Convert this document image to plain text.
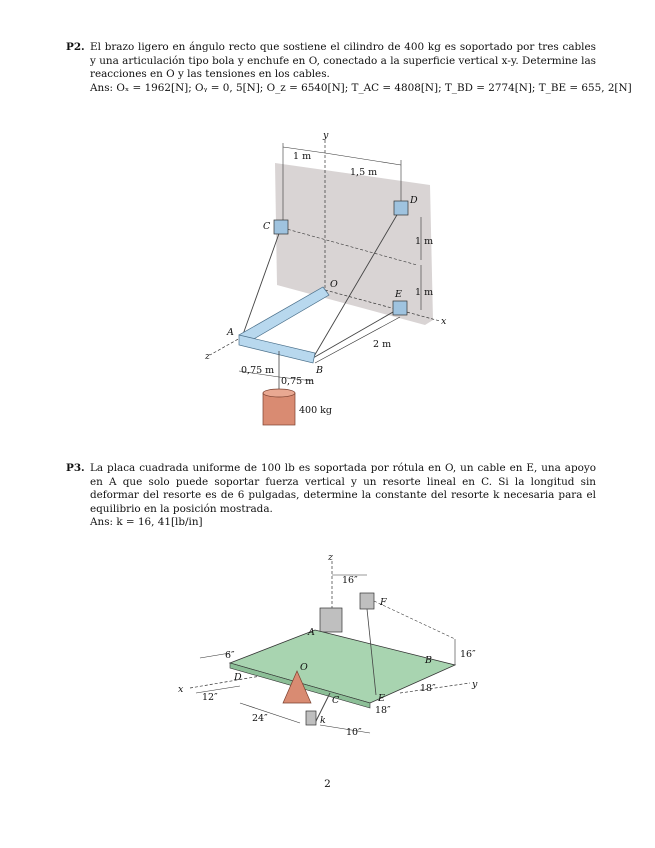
P2. El brazo ligero en ángulo recto que sostiene el cilindro de 400 kg es soportado por tres cables y una articulación tipo bola y enchufe en O, conectado a la superficie vertical x-y. Determine las reacciones en O y las tensiones en los cables.
Ans: Oₓ = 1962[N]; Oᵧ = 0, 5[N]; O_z = 6540[N]; T_AC = 4808[N]; T_BD = 2774[N]; T_BE = 655, 2[N]
y
x
z
O
A
B
C
D
E
1 m
1,5 m
1 m
1 m
2 m
0,75 m
0,75 m
400 kg
P3. La placa cuadrada uniforme de 100 lb es soportada por rótula en O, un cable en E, una apoyo en A que solo puede soportar fuerza vertical y un resorte lineal en C. Si la longitud sin deformar del resorte es de 6 pulgadas, determine la constante del resorte k necesaria para el equilibrio en la posición mostrada.
Ans: k = 16, 41[lb/in]
z
x	y
A
B
C
D
E
F
O
k
16″
16″
6″
12″
24″
18″
18″
10″
2
